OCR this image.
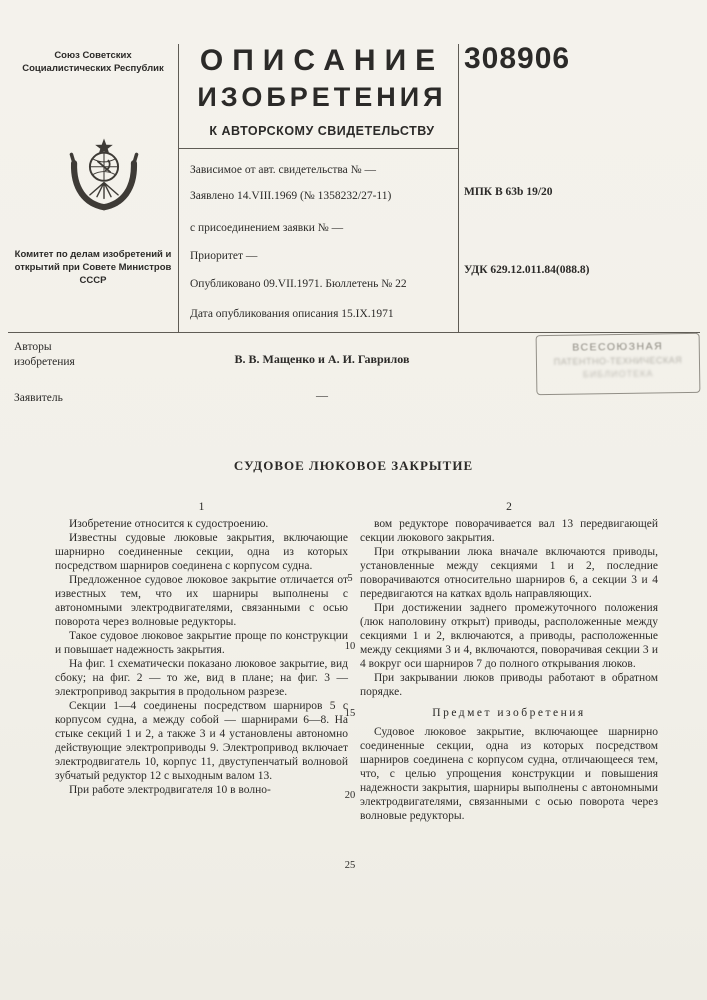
Союз Советских Социалистических Республик
Комитет по делам изобретений и открытий при Совете Министров СССР
ОПИСАНИЕ
ИЗОБРЕТЕНИЯ
К АВТОРСКОМУ СВИДЕТЕЛЬСТВУ
Зависимое от авт. свидетельства № —
Заявлено 14.VIII.1969 (№ 1358232/27-11)
с присоединением заявки № —
Приоритет —
Опубликовано 09.VII.1971. Бюллетень № 22
Дата опубликования описания 15.IX.1971
308906
МПК В 63b 19/20
УДК 629.12.011.84(088.8)
Авторы изобретения	В. В. Мащенко и А. И. Гаврилов
Заявитель	—
ВСЕСОЮЗНАЯ
ПАТЕНТНО-ТЕХНИЧЕСКАЯ
БИБЛИОТЕКА
СУДОВОЕ ЛЮКОВОЕ ЗАКРЫТИЕ
1

Изобретение относится к судостроению.

Известны судовые люковые закрытия, включающие шарнирно соединенные секции, одна из которых посредством шарниров соединена с корпусом судна.

Предложенное судовое люковое закрытие отличается от известных тем, что их шарниры выполнены с автономными электродвигателями, связанными с осью поворота через волновые редукторы.

Такое судовое люковое закрытие проще по конструкции и повышает надежность закрытия.

На фиг. 1 схематически показано люковое закрытие, вид сбоку; на фиг. 2 — то же, вид в плане; на фиг. 3 — электропривод закрытия в продольном разрезе.

Секции 1—4 соединены посредством шарниров 5 с корпусом судна, а между собой — шарнирами 6—8. На стыке секций 1 и 2, а также 3 и 4 установлены автономно действующие электроприводы 9. Электропривод включает электродвигатель 10, корпус 11, двуступенчатый волновой зубчатый редуктор 12 с выходным валом 13.

При работе электродвигателя 10 в волно-

2

вом редукторе поворачивается вал 13 передвигающей секции люкового закрытия.

При открывании люка вначале включаются приводы, установленные между секциями 1 и 2, последние поворачиваются относительно шарниров 6, а секции 3 и 4 передвигаются на катках вдоль направляющих.

При достижении заднего промежуточного положения (люк наполовину открыт) приводы, расположенные между секциями 1 и 2, включаются, а приводы, расположенные между секциями 3 и 4, включаются, поворачивая секции 3 и 4 вокруг оси шарниров 7 до полного открывания люков.

При закрывании люков приводы работают в обратном порядке.

Предмет изобретения

Судовое люковое закрытие, включающее шарнирно соединенные секции, одна из которых посредством шарниров соединена с корпусом судна, отличающееся тем, что, с целью упрощения конструкции и повышения надежности закрытия, шарниры выполнены с автономными электродвигателями, связанными с осью поворота через волновые редукторы.

5
10
15
20
25
